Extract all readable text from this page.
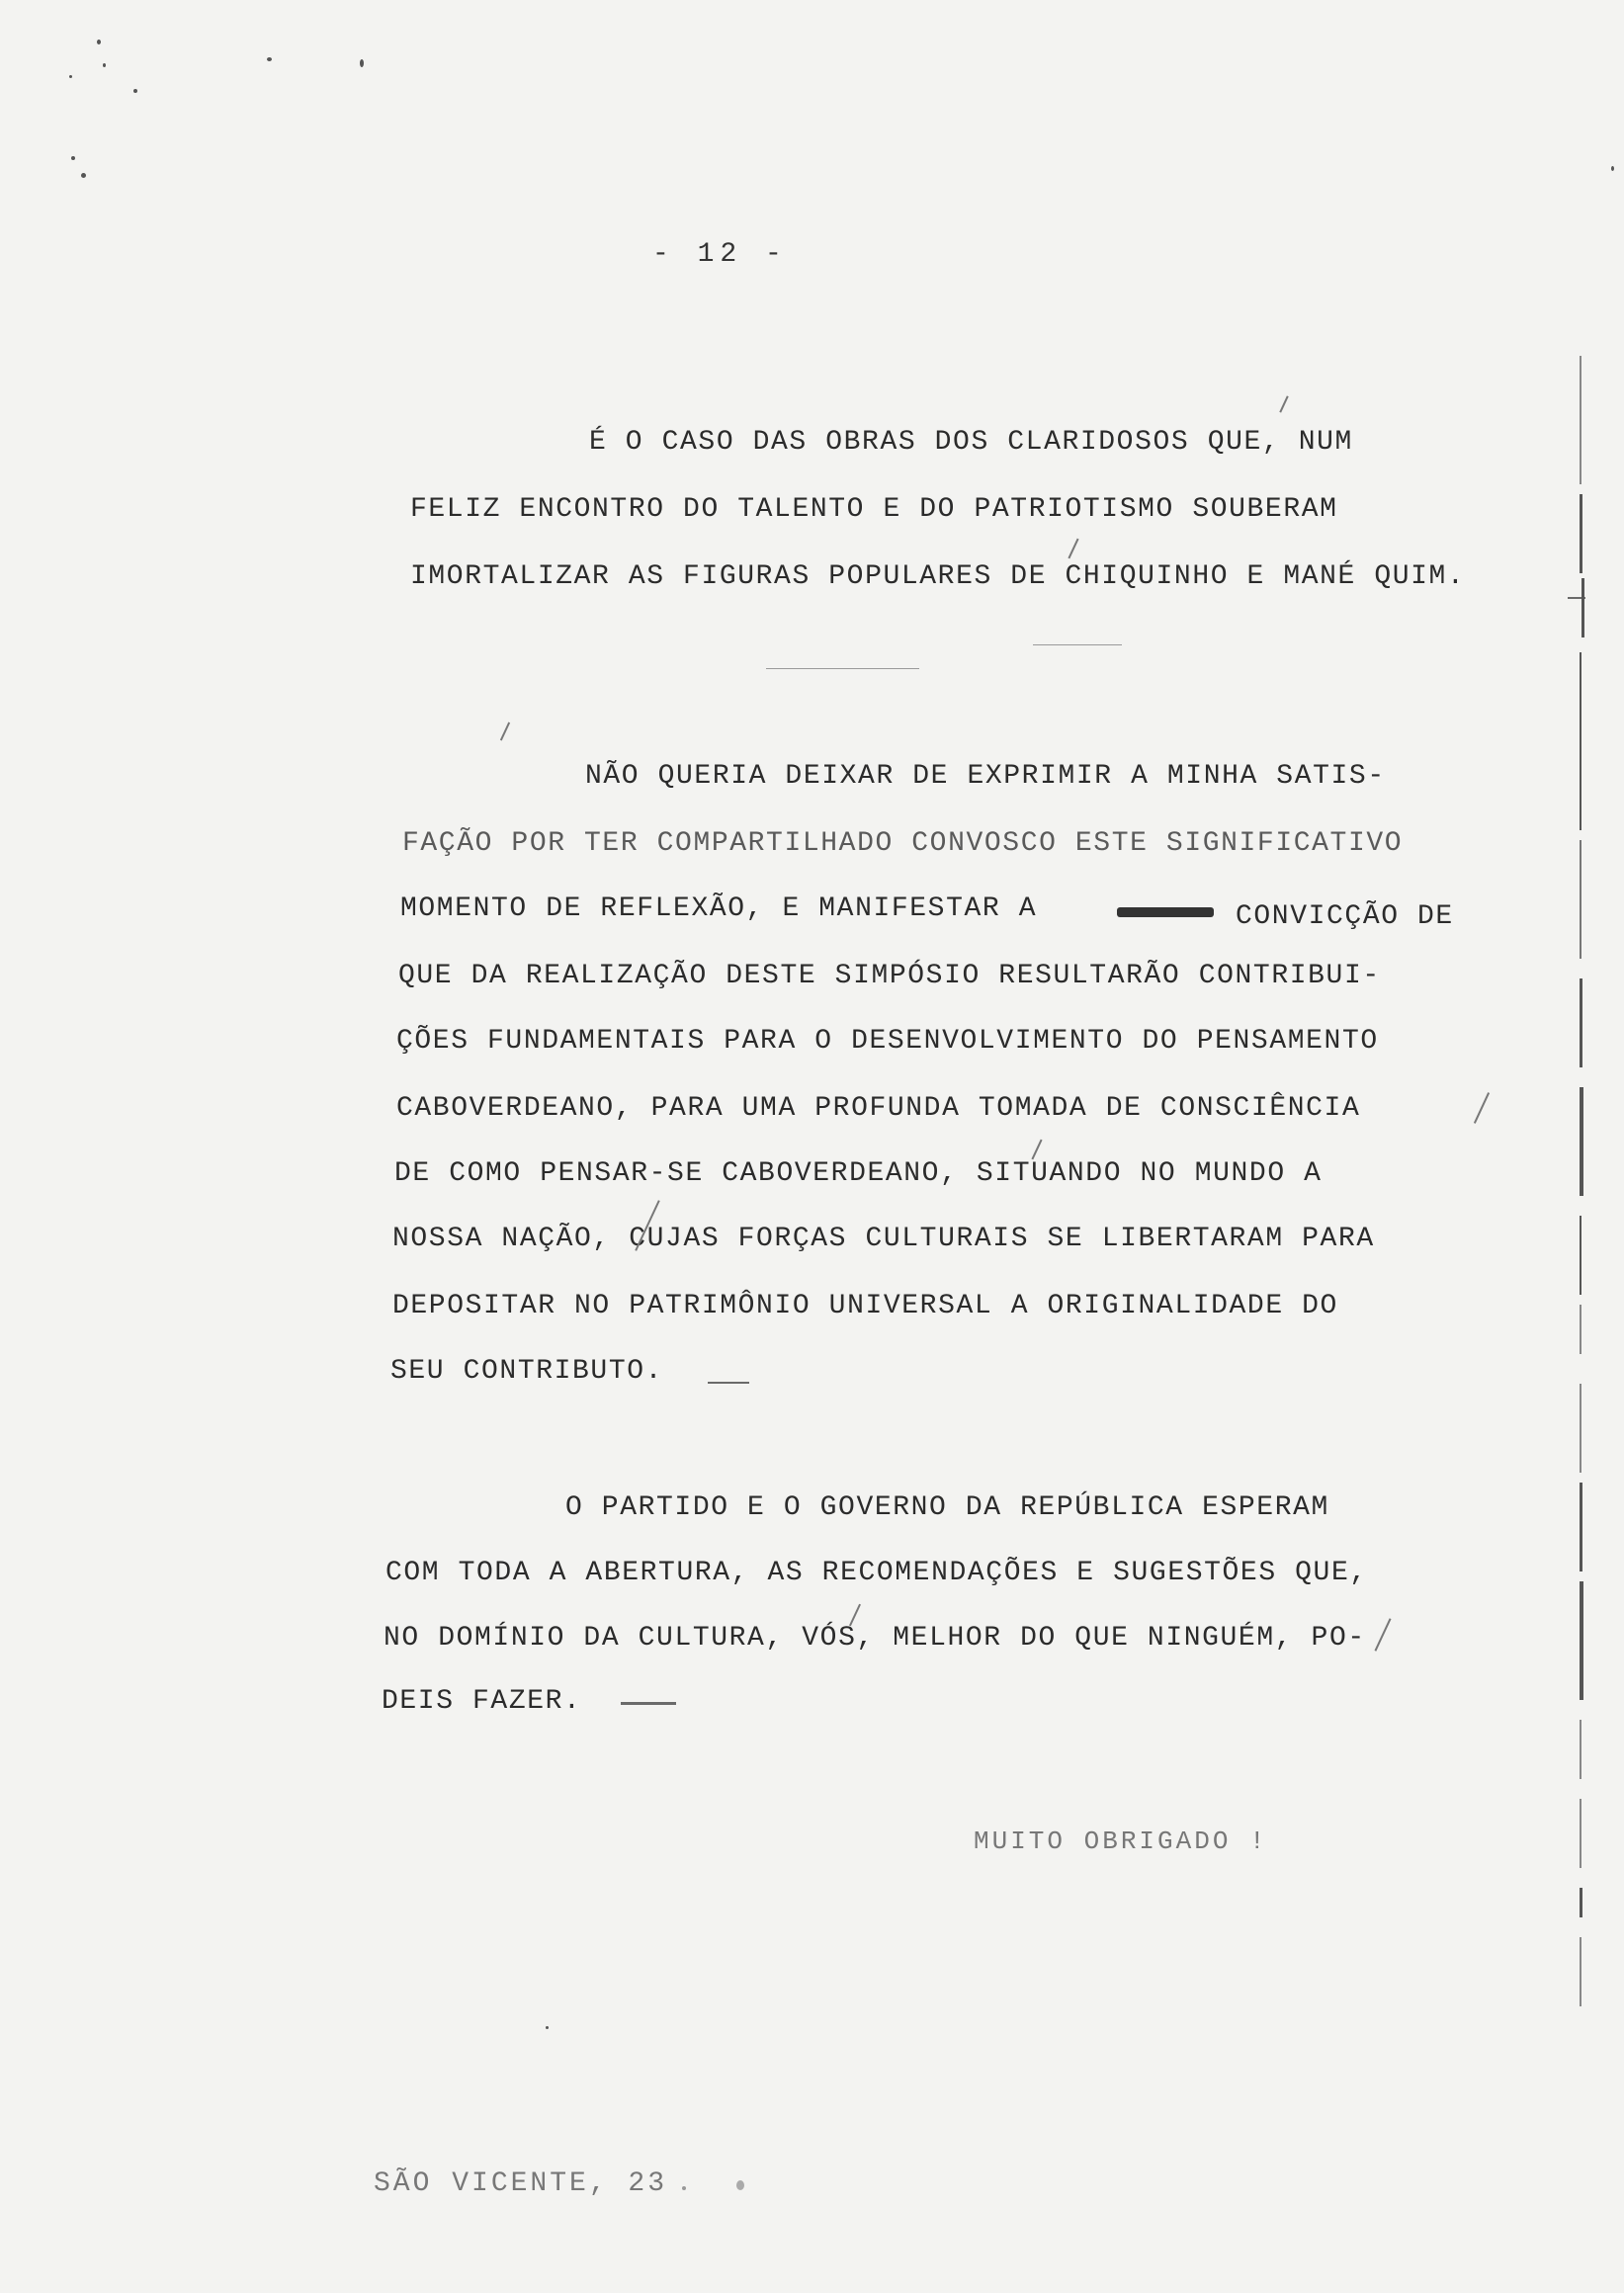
- 12 -
É O CASO DAS OBRAS DOS CLARIDOSOS QUE, NUM
FELIZ ENCONTRO DO TALENTO E DO PATRIOTISMO SOUBERAM
IMORTALIZAR AS FIGURAS POPULARES DE CHIQUINHO E MANÉ QUIM.
NÃO QUERIA DEIXAR DE EXPRIMIR A MINHA SATIS-
FAÇÃO POR TER COMPARTILHADO CONVOSCO ESTE SIGNIFICATIVO
MOMENTO DE REFLEXÃO, E MANIFESTAR A	CONVICÇÃO DE
QUE DA REALIZAÇÃO DESTE SIMPÓSIO RESULTARÃO CONTRIBUI-
ÇÕES FUNDAMENTAIS PARA O DESENVOLVIMENTO DO PENSAMENTO
CABOVERDEANO, PARA UMA PROFUNDA TOMADA DE CONSCIÊNCIA
DE COMO PENSAR-SE CABOVERDEANO, SITUANDO NO MUNDO A
NOSSA NAÇÃO, CUJAS FORÇAS CULTURAIS SE LIBERTARAM PARA
DEPOSITAR NO PATRIMÔNIO UNIVERSAL A ORIGINALIDADE DO
SEU CONTRIBUTO.
O PARTIDO E O GOVERNO DA REPÚBLICA ESPERAM
COM TODA A ABERTURA, AS RECOMENDAÇÕES E SUGESTÕES QUE,
NO DOMÍNIO DA CULTURA, VÓS, MELHOR DO QUE NINGUÉM, PO-
DEIS FAZER.
MUITO OBRIGADO !
SÃO VICENTE, 23
